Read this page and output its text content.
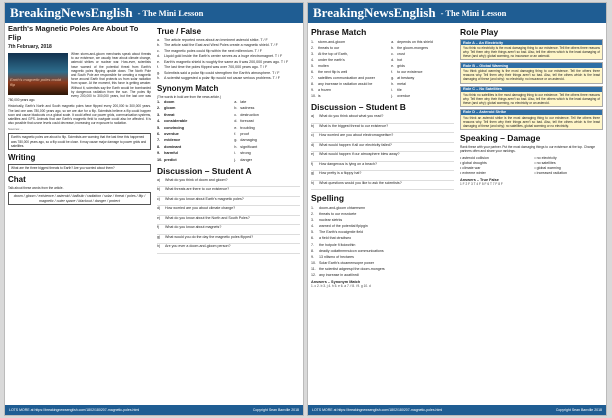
BreakingNewsEnglish - The Mini Lesson
Earth's Magnetic Poles Are About To Flip
7th February, 2018
Earth's magnetic poles could flip

When storm-and-gloom merchants speak about threats to our existence, we usually hear about climate change, asteroid strikes or nuclear war. How-ever, scientists have warned of the potential threat from Earth's magnetic poles flipping upside down. The North Pole and South Pole are responsible for creating a magnetic force around Earth that protects us from solar radiation from space. At the moment, this force is getting weaker. Without it, scientists say the Earth would be bombarded by dangerous radiation from the sun. The poles flip every 200,000 to 300,000 years, but the last one was 780,000 years ago.

Historically, Earth's North and South magnetic poles have flipped every 200,000 to 300,000 years. The last one was 780,000 years ago, so we are due for a flip. Scientists believe a flip could happen soon and cause blackouts on a global scale. It could affect our power grids, communication systems, satellites and GPS. Animals that use Earth's magnetic field to navigate could also be affected. It is also possible that ozone levels could decrease, increasing our exposure to radiation.

Sources: ...
Earth's magnetic poles are about to flip. Scientists are warning that the last time this happened was 780,000 years ago, so a flip could be close. It may cause major damage to power grids and satellites.
Writing
What are the three biggest threats to Earth? Are you worried about them?
Chat
Talk about these words from the article.
doom / gloom / existence / asteroid / ballistic / radiation / solar / threat / poles / flip / magnetic / outer space / blackout / danger / protect
True / False
a.	The article reported news about an imminent asteroid strike. T / F
b.	The article said the East and West Poles create a magnetic shield. T / F
c.	The magnetic poles could flip within the next millennium. T / F
d.	Liquid gold inside the Earth's center serves as a huge electromagnet. T / F
e.	Earth's magnetic shield is roughly the same as it was 200,000 years ago. T / F
f.	The last time the poles flipped was over 700,000 years ago. T / F
g.	Scientists said a polar flip could strengthen the Earth's atmosphere. T / F
h.	A scientist suggested a polar flip would not cause serious problems. T / F
Synonym Match
(The words in bold are from the news article.)
1.	doom	a. late
2.	gloom	b. sadness
3.	threat	c. destruction
4.	considerable	d. forecast
5.	convincing	e. troubling
6.	overdue	f.	proof
7.	evidence	g. damaging
8.	dominant	h. significant
9.	harmful	i.	strong
10. predict	j.	danger
Discussion – Student A
a)	What do you think of doom and gloom?
b)	What threats are there to our existence?
c)	What do you know about Earth's magnetic poles?
d)	How worried are you about climate change?
e)	What do you know about the North and South Poles?
f)	What do you know about magnets?
g)	What would you do the day the magnetic poles flipped?
h)	Are you ever a doom-and-gloom person?
LOTS MORE at https://breakingnewsenglish.com/1802/180207-magnetic-poles.html	Copyright Sean Banville 2018
BreakingNewsEnglish - The Mini Lesson
Phrase Match
1.	storm-and-gloom	a. depends on this shield
2.	threats to our	b. the gloom-mongers
3.	At the top of Earth,	c. crust
4.	under the earth's	d. hot
5.	molten	e. grids
6.	the next flip is well	f.	to our existence
7.	satellites communication and power	g. at bestway
8.	any increase in radiation would be	h. metal
9.	a frozen	i.	tile
10. is	j.	overdue
Discussion – Student B
a)	What do you think about what you read?
b)	What is the biggest threat to our existence?
c)	How worried are you about electromagnetism?
d)	What would happen if all our electricity failed?
e)	What would happen if our atmosphere blew away?
f)	How dangerous is lying on a beach?
g)	How pretty is a floppy hat?
h)	What questions would you like to ask the scientists?
Spelling
1.	doom-and-gloom chtaerrsmn
2.	threats to our exsnicete
3.	nuclear sietrks
4.	warned of the potential flpipgin
5.	The Earth's nccaigmtie field
6.	a field that ctrsdtseo
7.	the hotpole fi ltoiwcthin
8.	deadly ooiiattnmrnuiccn communications
9.	13 nllismo of hectares
10. Solar Earth's ctoamensopre power
11. the scientist adgeespi the doom-mongers
12. any increase in aoatiinrdi
Answers – Synonym Match
1. c 2. b 3. j 4. h 5. e 6. a 7. f 8. i 9. g 10. d
Role Play
Role A – An Electricity
You think no electricity is the most damaging thing to our existence. Tell the others three reasons why. Tell them why their things aren't so bad. Also, tell the others which is the least damaging of these (and why): global warming, no insurance or an asteroid.
Role B – Global Warming
You think global warming is the most damaging thing to our existence. Tell the others three reasons why. Tell them why their things aren't so bad. Also, tell the others which is the least damaging of these (and why): no electricity, no insurance or an asteroid.
Role C – No Satellites
You think no satellites is the most damaging thing to our existence. Tell the others three reasons why. Tell them why their things aren't so bad. Also, tell the others which is the least damaging of these (and why): global warming, no electricity or an asteroid.
Role D – Asteroid Strike
You think an asteroid strike is the most damaging thing to our existence. Tell the others three reasons why. Tell them why their things aren't so bad. Also, tell the others which is the least damaging of these (and why): no satellites, global warming or no electricity.
Speaking – Damage
Rank these with your partner. Put the most damaging things to our existence at the top. Change partners often and share your rankings.
• asteroid collision
• global droughts
• climate war
• extreme winter
• no electricity
• no satellites
• global warming
• increased radiation
Answers – True False
1 F 2 F 3 T 4 F 5 F 6 T 7 F 8 F
LOTS MORE at https://breakingnewsenglish.com/1802/180207-magnetic-poles.html	Copyright Sean Banville 2018
